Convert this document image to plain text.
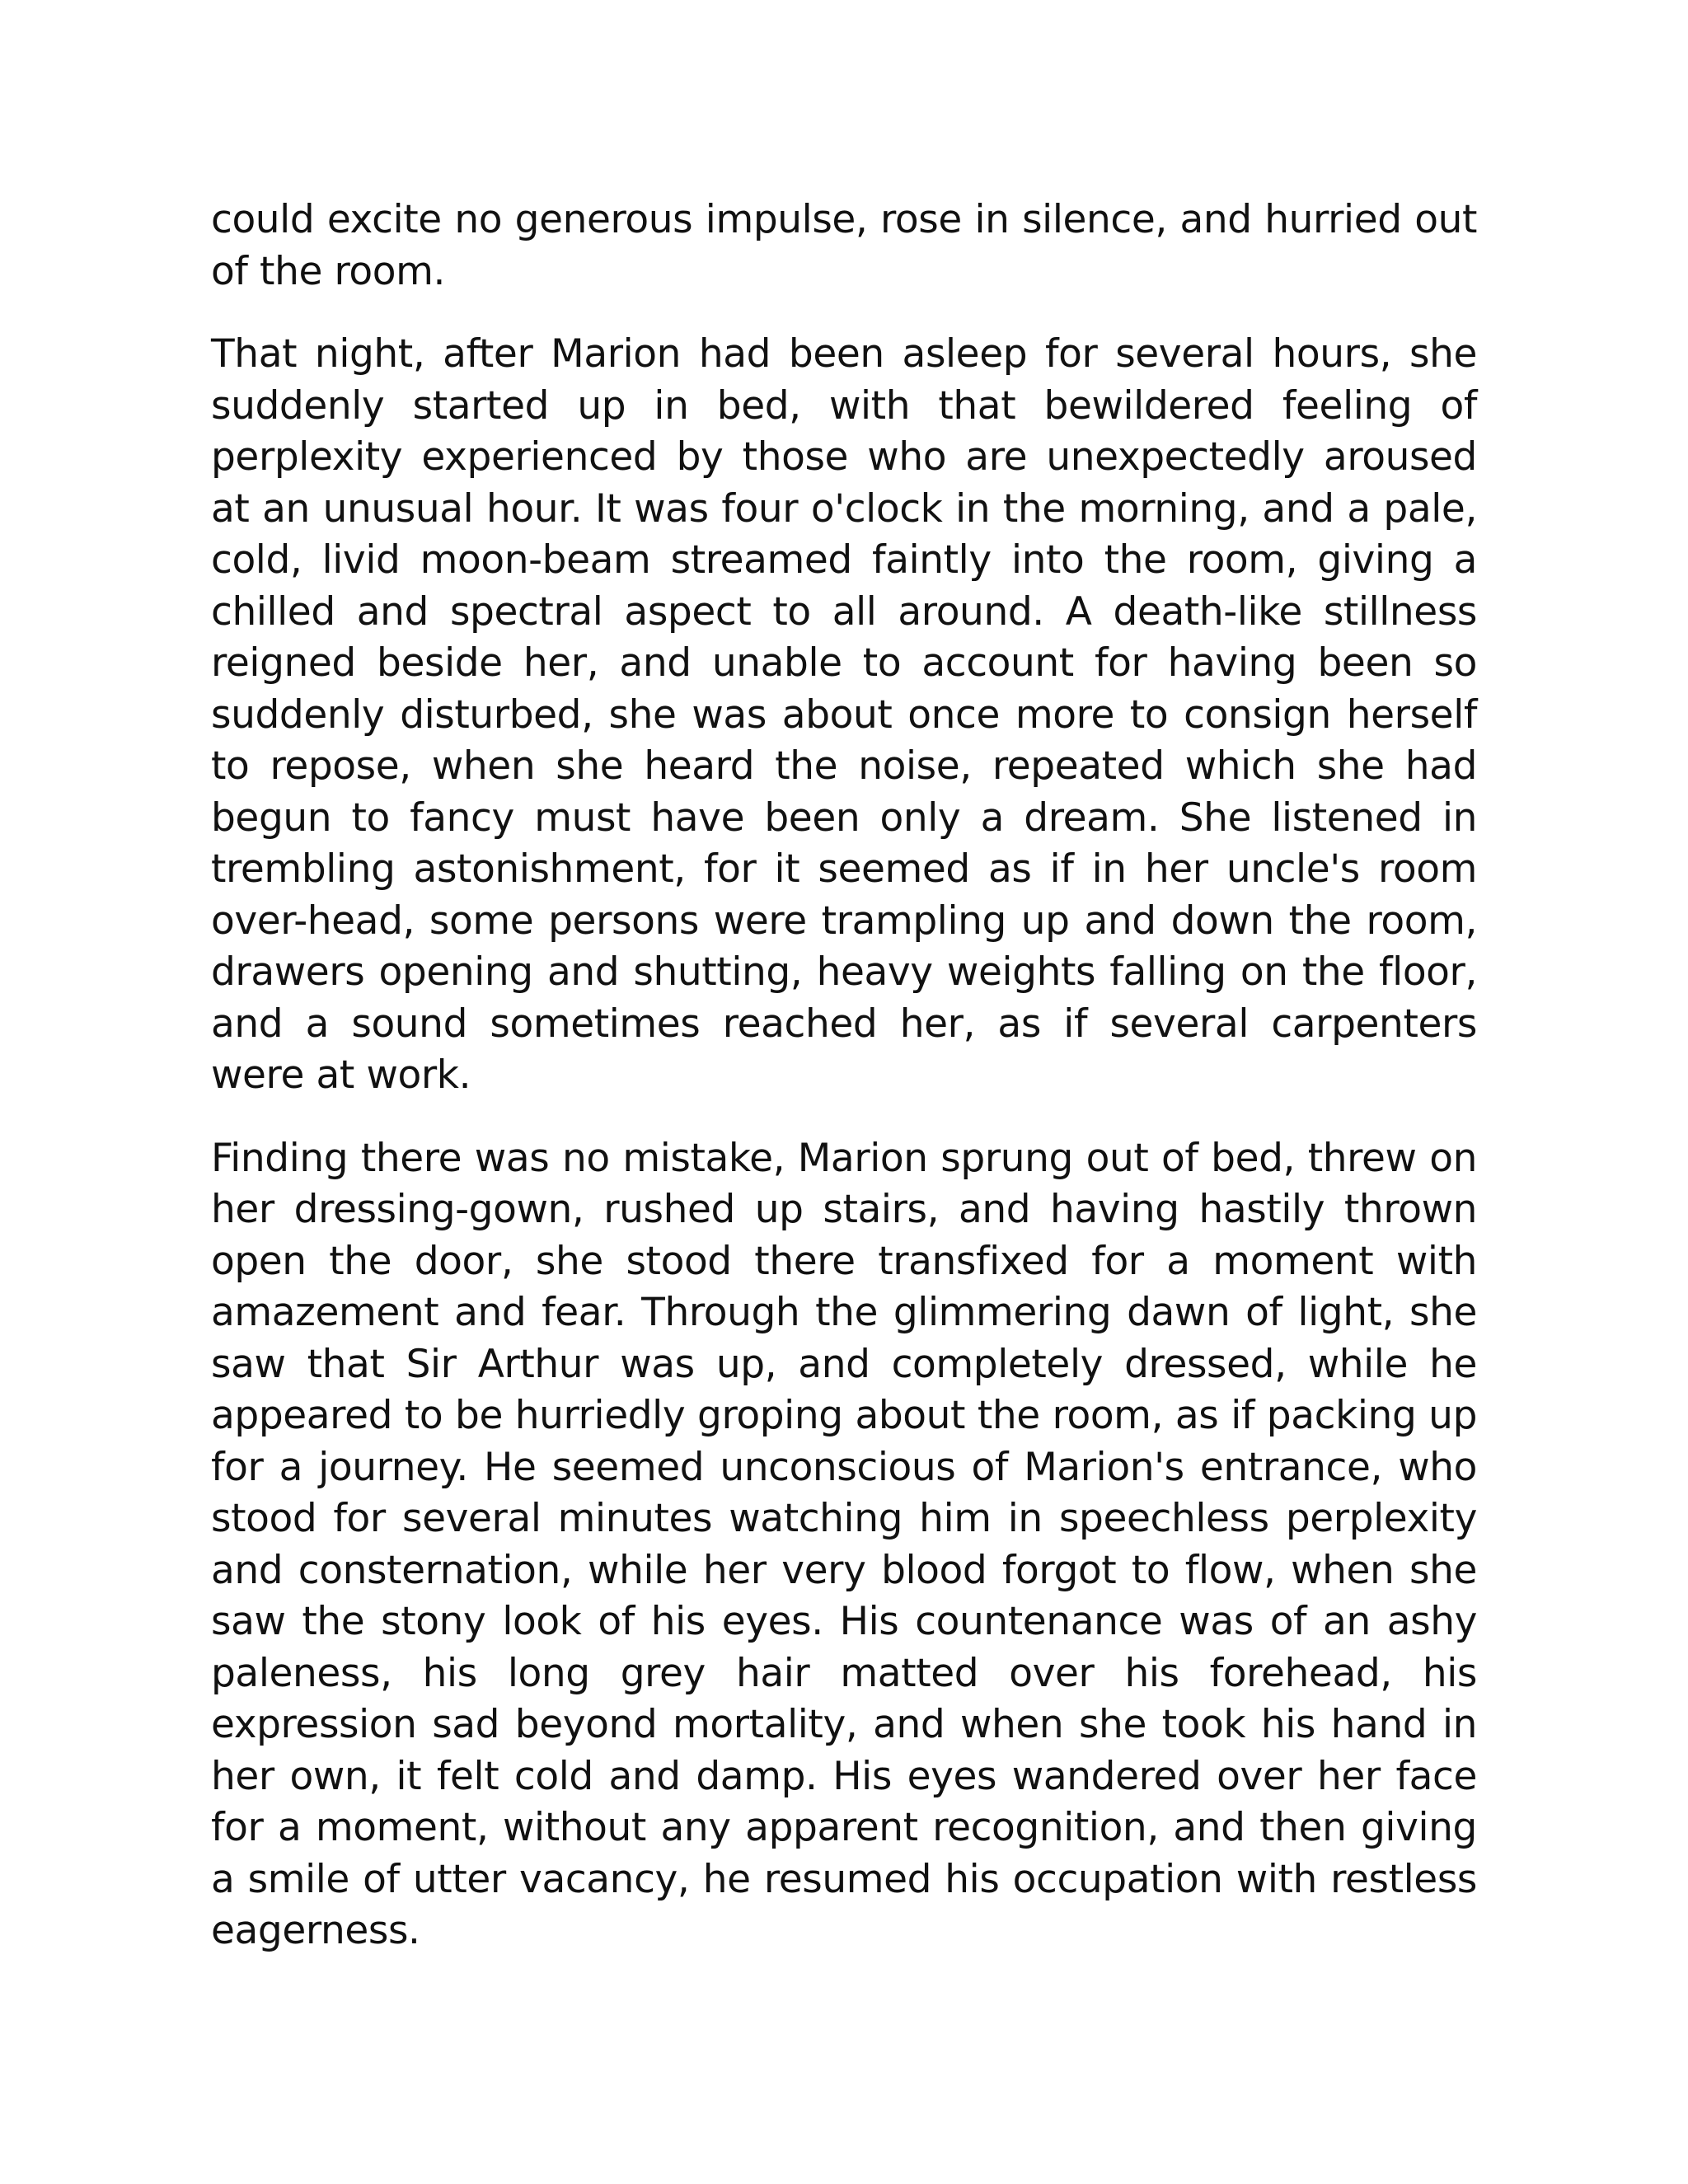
could excite no generous impulse, rose in silence, and hurried out of the room.

That night, after Marion had been asleep for several hours, she suddenly started up in bed, with that bewildered feeling of perplexity experienced by those who are unexpectedly aroused at an unusual hour. It was four o'clock in the morning, and a pale, cold, livid moon-beam streamed faintly into the room, giving a chilled and spectral aspect to all around. A death-like stillness reigned beside her, and unable to account for having been so suddenly disturbed, she was about once more to consign herself to repose, when she heard the noise, repeated which she had begun to fancy must have been only a dream. She listened in trembling astonishment, for it seemed as if in her uncle's room over-head, some persons were trampling up and down the room, drawers opening and shutting, heavy weights falling on the floor, and a sound sometimes reached her, as if several carpenters were at work.

Finding there was no mistake, Marion sprung out of bed, threw on her dressing-gown, rushed up stairs, and having hastily thrown open the door, she stood there transfixed for a moment with amazement and fear. Through the glimmering dawn of light, she saw that Sir Arthur was up, and completely dressed, while he appeared to be hurriedly groping about the room, as if packing up for a journey. He seemed unconscious of Marion's entrance, who stood for several minutes watching him in speechless perplexity and consternation, while her very blood forgot to flow, when she saw the stony look of his eyes. His countenance was of an ashy paleness, his long grey hair matted over his forehead, his expression sad beyond mortality, and when she took his hand in her own, it felt cold and damp. His eyes wandered over her face for a moment, without any apparent recognition, and then giving a smile of utter vacancy, he resumed his occupation with restless eagerness.
